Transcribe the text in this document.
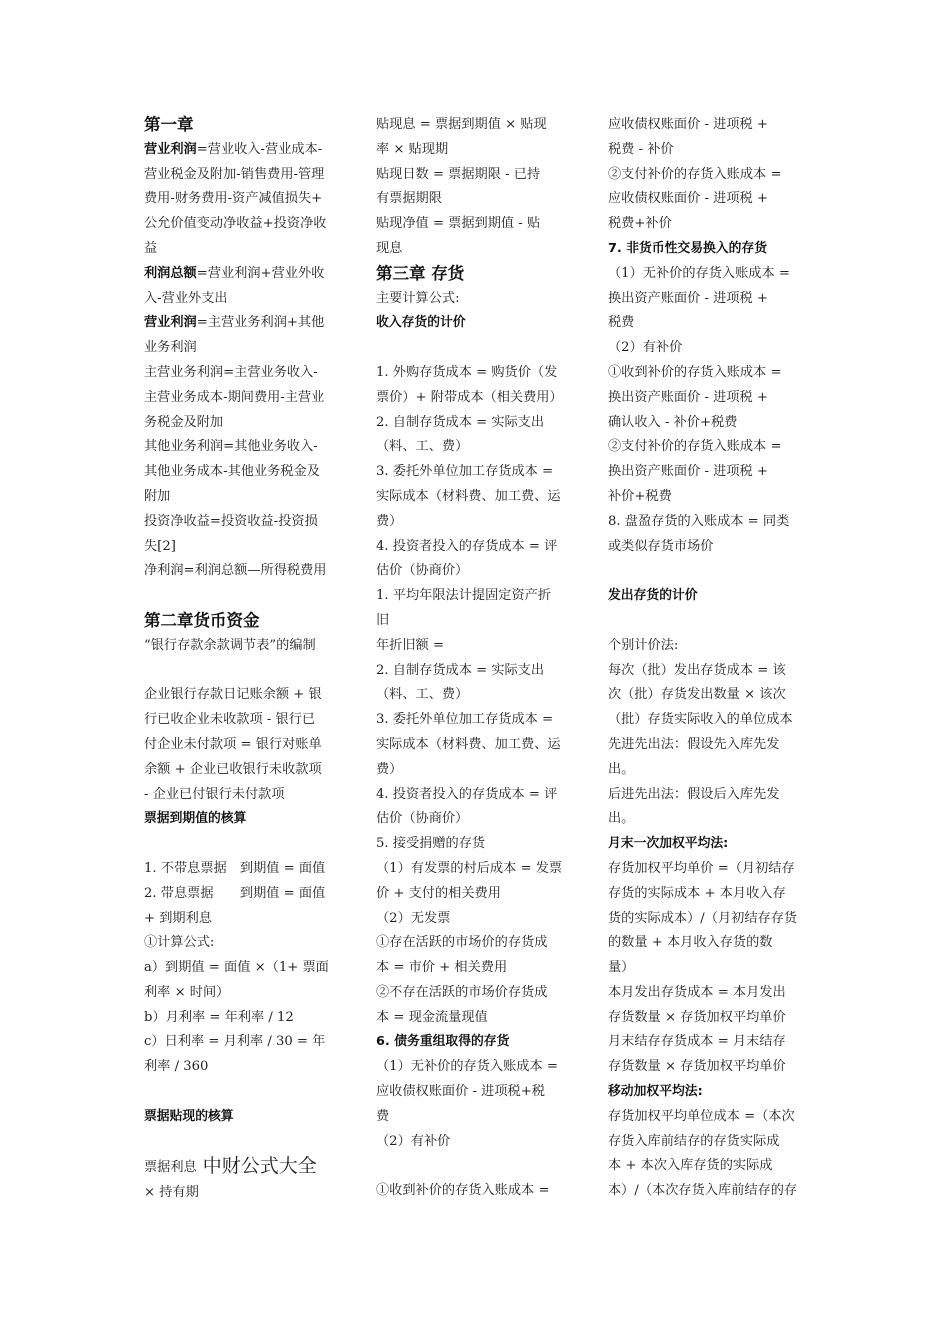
第一章
营业利润=营业收入-营业成本-
营业税金及附加-销售费用-管理
费用-财务费用-资产减值损失+
公允价值变动净收益+投资净收
益
利润总额=营业利润+营业外收
入-营业外支出
营业利润=主营业务利润+其他
业务利润
主营业务利润=主营业务收入-
主营业务成本-期间费用-主营业
务税金及附加
其他业务利润=其他业务收入-
其他业务成本-其他业务税金及
附加
投资净收益=投资收益-投资损
失[2]
净利润=利润总额—所得税费用
第二章货币资金
“银行存款余款调节表”的编制
企业银行存款日记账余额 + 银
行已收企业未收款项 - 银行已
付企业未付款项 = 银行对账单
余额 + 企业已收银行未收款项
- 企业已付银行未付款项
票据到期值的核算
1. 不带息票据　到期值 = 面值
2. 带息票据　　到期值 = 面值
+ 到期利息
①计算公式:
a）到期值 = 面值 ×（1+ 票面
利率 × 时间）
b）月利率 = 年利率 / 12
c）日利率 = 月利率 / 30 = 年
利率 / 360
票据贴现的核算
票据利息 中财公式大全
× 持有期
贴现息 = 票据到期值 × 贴现
率 × 贴现期
贴现日数 = 票据期限 - 已持
有票据期限
贴现净值 = 票据到期值 - 贴
现息
第三章 存货
主要计算公式:
收入存货的计价
1. 外购存货成本 = 购货价（发
票价）+ 附带成本（相关费用）
2. 自制存货成本 = 实际支出
（料、工、费）
3. 委托外单位加工存货成本 =
实际成本（材料费、加工费、运
费）
4. 投资者投入的存货成本 = 评
估价（协商价）
1. 平均年限法计提固定资产折
旧
年折旧额 =
2. 自制存货成本 = 实际支出
（料、工、费）
3. 委托外单位加工存货成本 =
实际成本（材料费、加工费、运
费）
4. 投资者投入的存货成本 = 评
估价（协商价）
5. 接受捐赠的存货
（1）有发票的村后成本 = 发票
价 + 支付的相关费用
（2）无发票
①存在活跃的市场价的存货成
本 = 市价 + 相关费用
②不存在活跃的市场价存货成
本 = 现金流量现值
6. 债务重组取得的存货
（1）无补价的存货入账成本 =
应收债权账面价 - 进项税+税
费
（2）有补价
①收到补价的存货入账成本 =
应收债权账面价 - 进项税 +
税费 - 补价
②支付补价的存货入账成本 =
应收债权账面价 - 进项税 +
税费+补价
7. 非货币性交易换入的存货
（1）无补价的存货入账成本 =
换出资产账面价 - 进项税 +
税费
（2）有补价
①收到补价的存货入账成本 =
换出资产账面价 - 进项税 +
确认收入 - 补价+税费
②支付补价的存货入账成本 =
换出资产账面价 - 进项税 +
补价+税费
8. 盘盈存货的入账成本 = 同类
或类似存货市场价
发出存货的计价
个别计价法:
每次（批）发出存货成本 = 该
次（批）存货发出数量 × 该次
（批）存货实际收入的单位成本
先进先出法：假设先入库先发
出。
后进先出法：假设后入库先发
出。
月末一次加权平均法:
存货加权平均单价 =（月初结存
存货的实际成本 + 本月收入存
货的实际成本）/（月初结存存货
的数量 + 本月收入存货的数
量）
本月发出存货成本 = 本月发出
存货数量 × 存货加权平均单价
月末结存存货成本 = 月末结存
存货数量 × 存货加权平均单价
移动加权平均法:
存货加权平均单位成本 =（本次
存货入库前结存的存货实际成
本 + 本次入库存货的实际成
本）/（本次存货入库前结存的存
